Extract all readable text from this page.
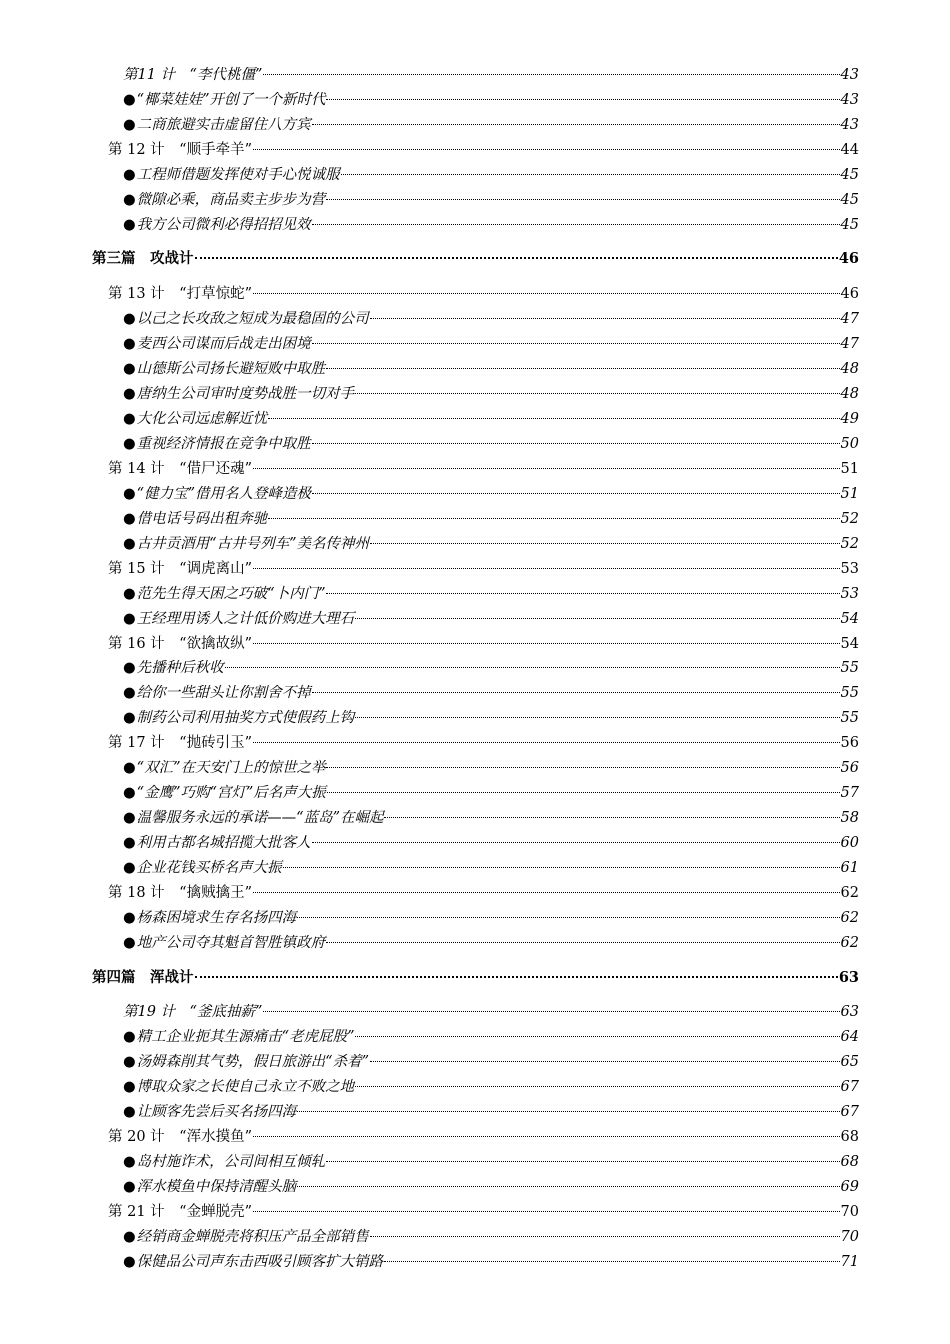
第11 计　“李代桃僵”	43
●“椰菜娃娃”开创了一个新时代	43
●二商旅避实击虚留住八方宾	43
第 12 计　“顺手牵羊”	44
●工程师借题发挥使对手心悦诚服	45
●微隙必乘，商品卖主步步为营	45
●我方公司微利必得招招见效	45
第三篇　攻战计	46
第 13 计　“打草惊蛇”	46
●以己之长攻敌之短成为最稳固的公司	47
●麦西公司谋而后战走出困境	47
●山德斯公司扬长避短败中取胜	48
●唐纳生公司审时度势战胜一切对手	48
●大化公司远虑解近忧	49
●重视经济情报在竞争中取胜	50
第 14 计　“借尸还魂”	51
●“健力宝”借用名人登峰造极	51
●借电话号码出租奔驰	52
●古井贡酒用“古井号列车”美名传神州	52
第 15 计　“调虎离山”	53
●范先生得天困之巧破“卜内门”	53
●王经理用诱人之计低价购进大理石	54
第 16 计　“欲擒故纵”	54
●先播种后秋收	55
●给你一些甜头让你割舍不掉	55
●制药公司利用抽奖方式使假药上钩	55
第 17 计　“抛砖引玉”	56
●“双汇”在天安门上的惊世之举	56
●“金鹰”巧购“宫灯”后名声大振	57
●温馨服务永远的承诺——“蓝岛”在崛起	58
●利用古都名城招揽大批客人	60
●企业花钱买桥名声大振	61
第 18 计　“擒贼擒王”	62
●杨森困境求生存名扬四海	62
●地产公司夺其魁首智胜镇政府	62
第四篇　浑战计	63
第19 计　“釜底抽薪”	63
●精工企业扼其生源痛击“老虎屁股”	64
●汤姆森削其气势，假日旅游出“杀着”	65
●博取众家之长使自己永立不败之地	67
●让顾客先尝后买名扬四海	67
第 20 计　“浑水摸鱼”	68
●岛村施诈术，公司间相互倾轧	68
●浑水模鱼中保持清醒头脑	69
第 21 计　“金蝉脱壳”	70
●经销商金蝉脱壳将积压产品全部销售	70
●保健品公司声东击西吸引顾客扩大销路	71
